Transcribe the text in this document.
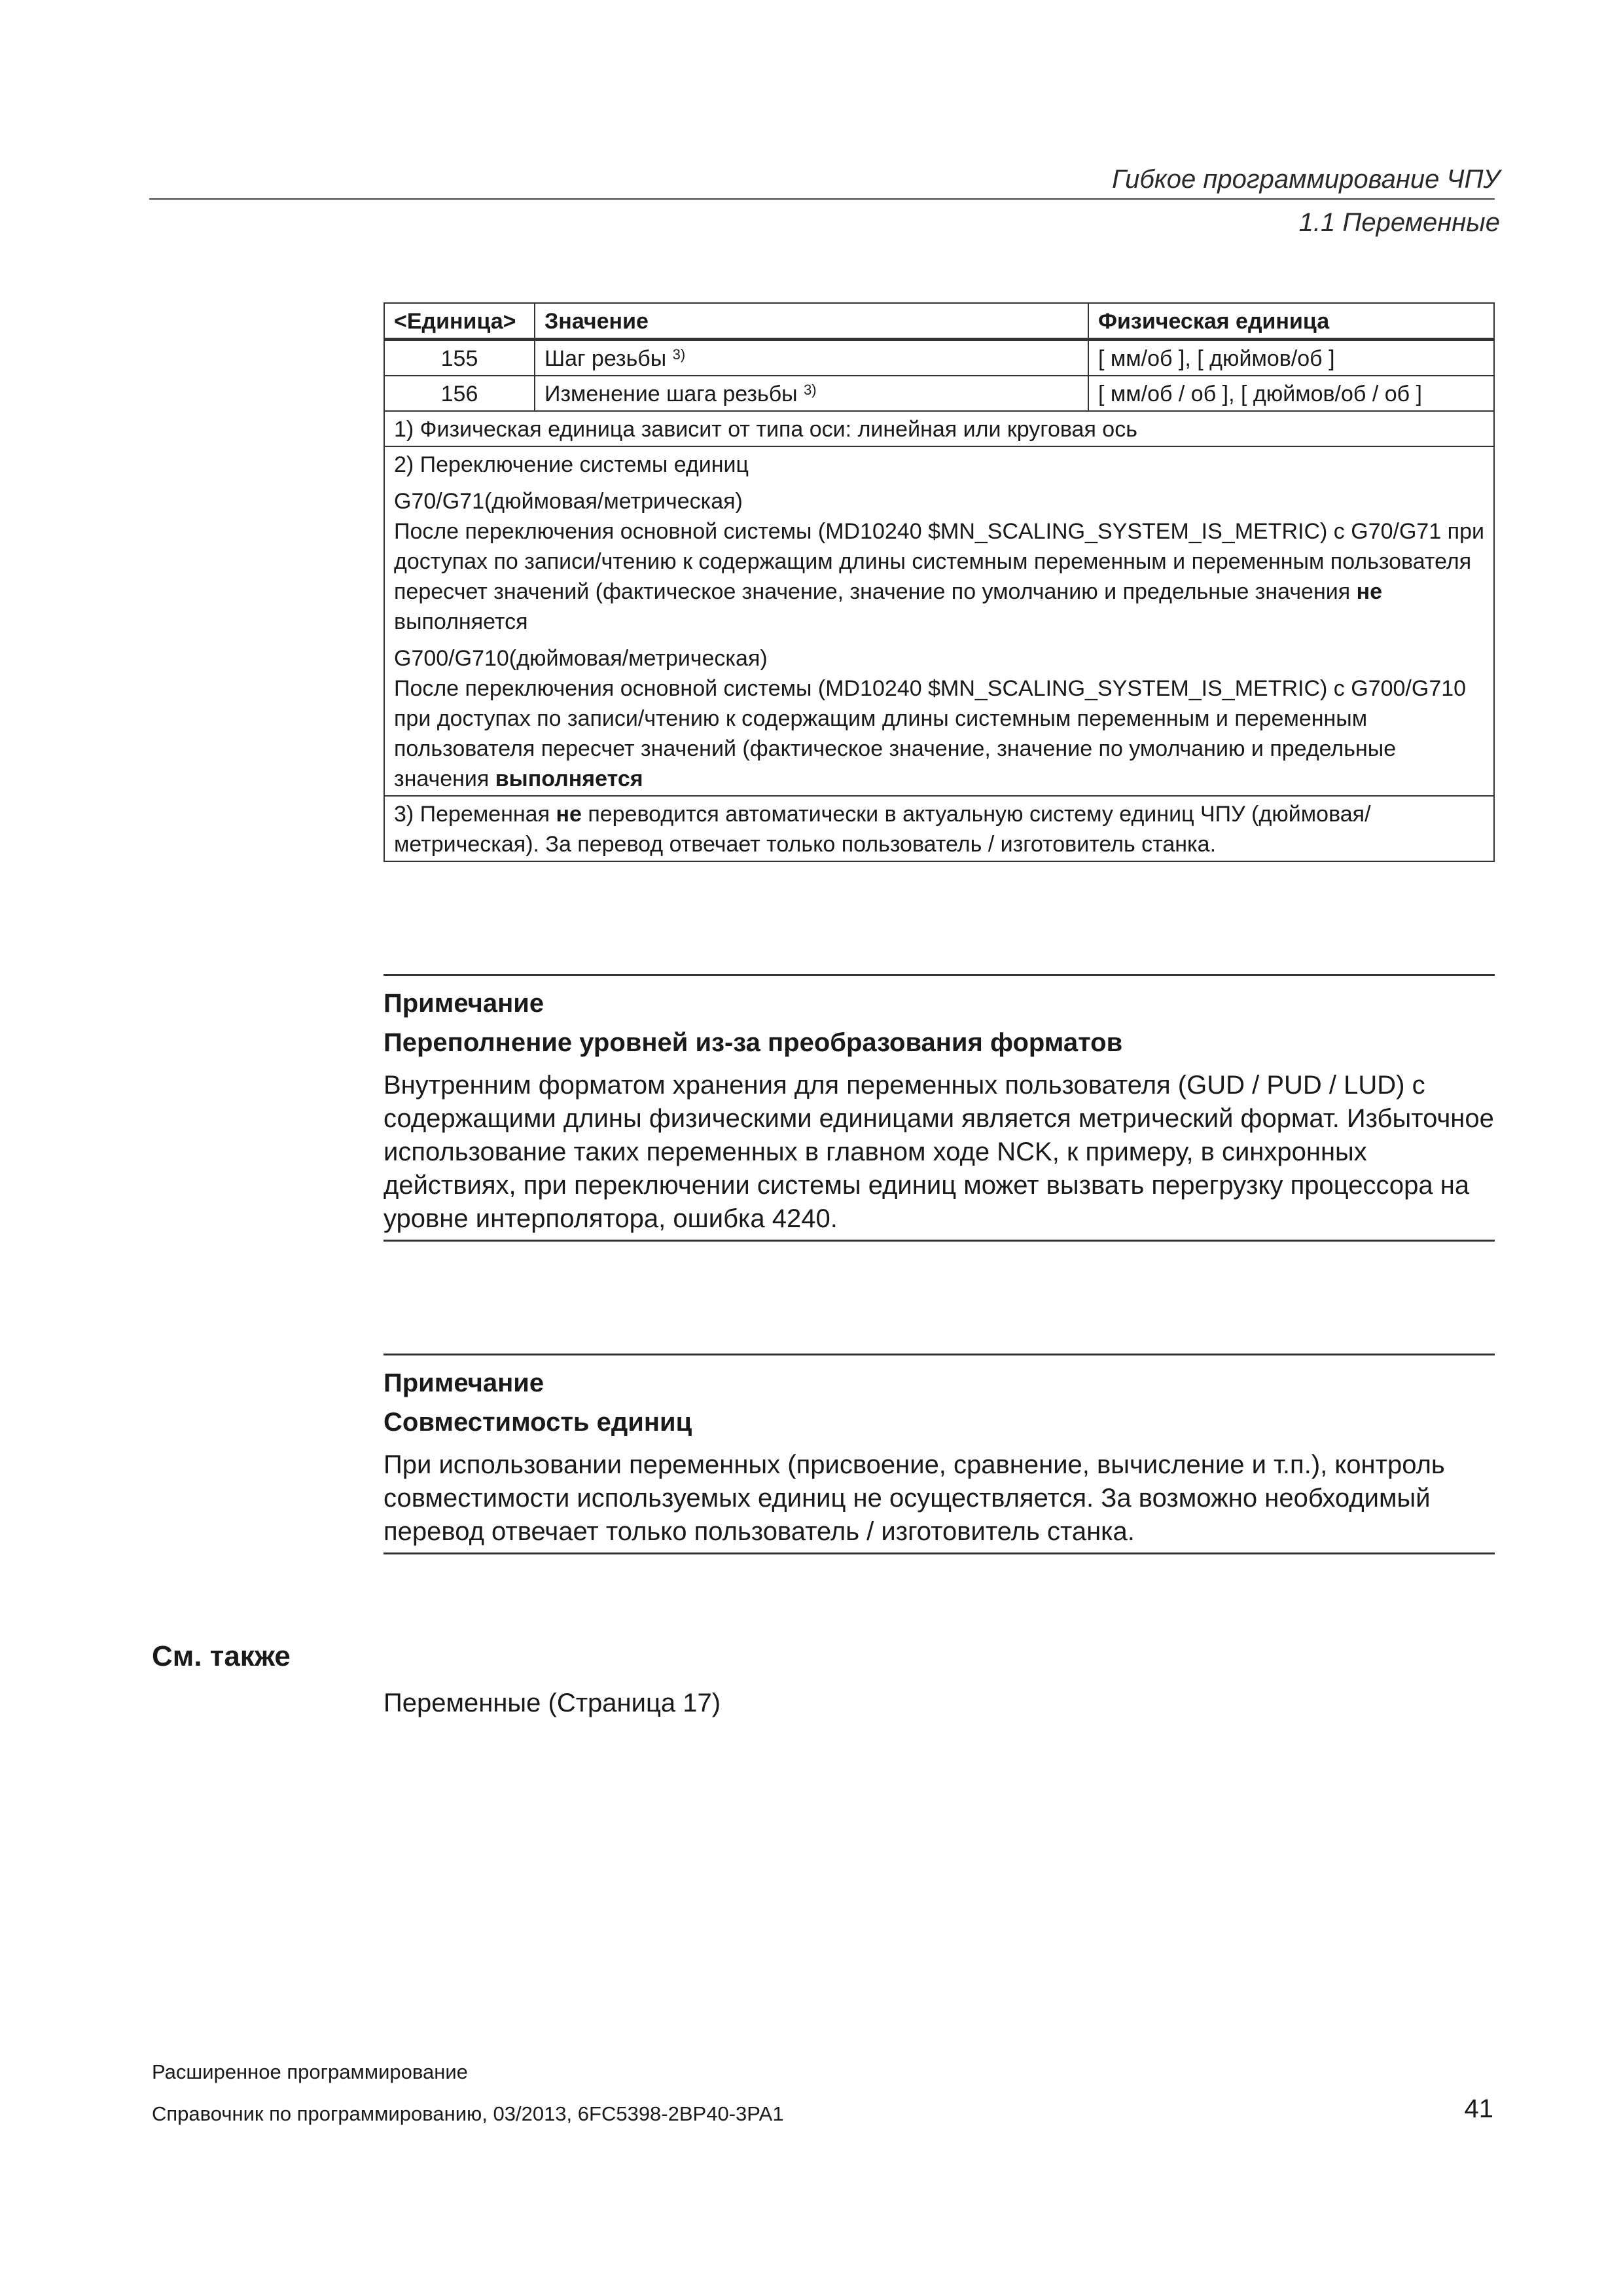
Гибкое программирование ЧПУ
1.1 Переменные
<Единица>	Значение	Физическая единица
155	Шаг резьбы $^{3)}$	[ мм/об ], [ дюймов/об ]
156	Изменение шага резьбы $^{3)}$	[ мм/об / об ], [ дюймов/об / об ]
1) Физическая единица зависит от типа оси: линейная или круговая ось		

2) Переключение системы единиц

G70/G71(дюймовая/метрическая)

После переключения основной системы (MD10240 $MN_SCALING_SYSTEM_IS_METRIC) с G70/G71 при доступах по записи/чтению к содержащим длины системным переменным и переменным пользователя пересчет значений (фактическое значение, значение по умолчанию и предельные значения не выполняется

G700/G710(дюймовая/метрическая)

После переключения основной системы (MD10240 $MN_SCALING_SYSTEM_IS_METRIC) с G700/G710 при доступах по записи/чтению к содержащим длины системным переменным и переменным пользователя пересчет значений (фактическое значение, значение по умолчанию и предельные значения выполняется		

3) Переменная не переводится автоматически в актуальную систему единиц ЧПУ (дюймовая/метрическая). За перевод отвечает только пользователь / изготовитель станка.		

Примечание

Переполнение уровней из-за преобразования форматов

Внутренним форматом хранения для переменных пользователя (GUD / PUD / LUD) с содержащими длины физическими единицами является метрический формат. Избыточное использование таких переменных в главном ходе NCK, к примеру, в синхронных действиях, при переключении системы единиц может вызвать перегрузку процессора на уровне интерполятора, ошибка 4240.

Примечание

Совместимость единиц

При использовании переменных (присвоение, сравнение, вычисление и т.п.), контроль совместимости используемых единиц не осуществляется. За возможно необходимый перевод отвечает только пользователь / изготовитель станка.

См. также
Переменные (Страница 17)
Расширенное программирование
Справочник по программированию, 03/2013, 6FC5398-2BP40-3PA1	41
